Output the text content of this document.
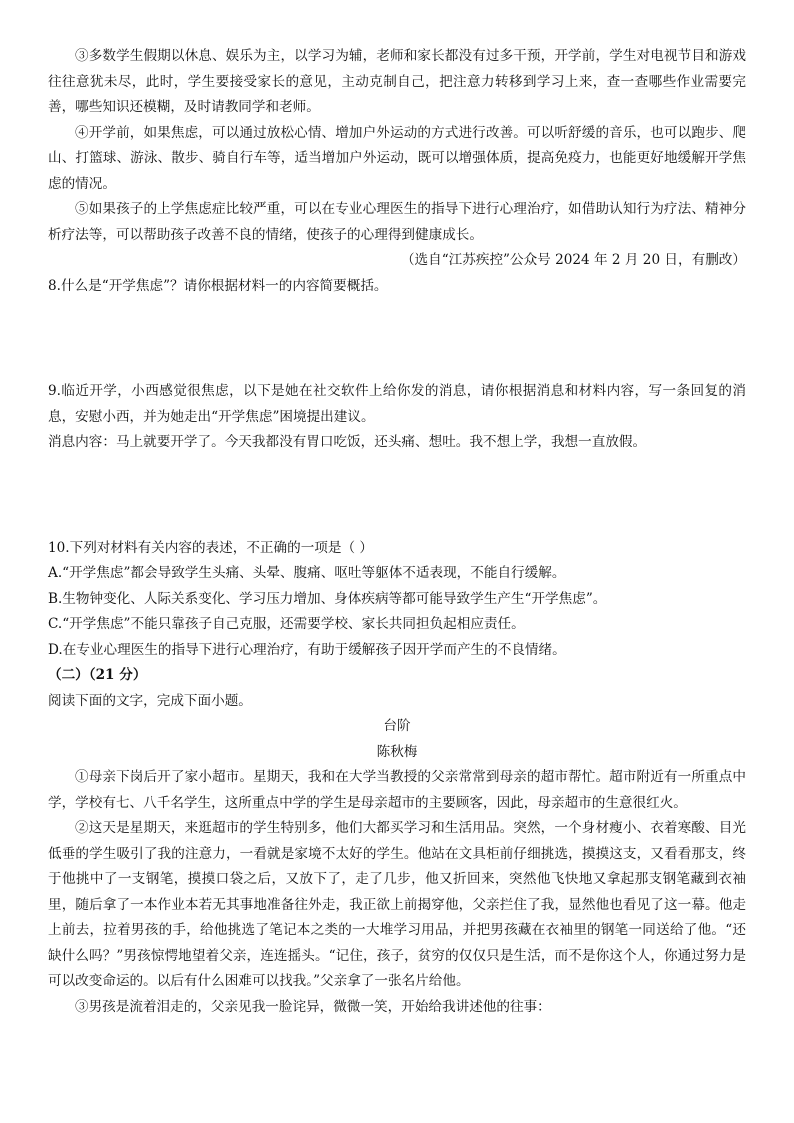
③多数学生假期以休息、娱乐为主，以学习为辅，老师和家长都没有过多干预，开学前，学生对电视节目和游戏往往意犹未尽，此时，学生要接受家长的意见，主动克制自己，把注意力转移到学习上来，查一查哪些作业需要完善，哪些知识还模糊，及时请教同学和老师。

④开学前，如果焦虑，可以通过放松心情、增加户外运动的方式进行改善。可以听舒缓的音乐，也可以跑步、爬山、打篮球、游泳、散步、骑自行车等，适当增加户外运动，既可以增强体质，提高免疫力，也能更好地缓解开学焦虑的情况。

⑤如果孩子的上学焦虑症比较严重，可以在专业心理医生的指导下进行心理治疗，如借助认知行为疗法、精神分析疗法等，可以帮助孩子改善不良的情绪，使孩子的心理得到健康成长。

（选自“江苏疾控”公众号 2024 年 2 月 20 日，有删改）

8.什么是“开学焦虑”？请你根据材料一的内容简要概括。

9.临近开学，小西感觉很焦虑，以下是她在社交软件上给你发的消息，请你根据消息和材料内容，写一条回复的消息，安慰小西，并为她走出“开学焦虑”困境提出建议。

消息内容：马上就要开学了。今天我都没有胃口吃饭，还头痛、想吐。我不想上学，我想一直放假。

10.下列对材料有关内容的表述，不正确的一项是（ ）

A.“开学焦虑”都会导致学生头痛、头晕、腹痛、呕吐等躯体不适表现，不能自行缓解。

B.生物钟变化、人际关系变化、学习压力增加、身体疾病等都可能导致学生产生“开学焦虑”。

C.“开学焦虑”不能只靠孩子自己克服，还需要学校、家长共同担负起相应责任。

D.在专业心理医生的指导下进行心理治疗，有助于缓解孩子因开学而产生的不良情绪。

（二）（21 分）

阅读下面的文字，完成下面小题。

台阶

陈秋梅

①母亲下岗后开了家小超市。星期天，我和在大学当教授的父亲常常到母亲的超市帮忙。超市附近有一所重点中学，学校有七、八千名学生，这所重点中学的学生是母亲超市的主要顾客，因此，母亲超市的生意很红火。

②这天是星期天，来逛超市的学生特别多，他们大都买学习和生活用品。突然，一个身材瘦小、衣着寒酸、目光低垂的学生吸引了我的注意力，一看就是家境不太好的学生。他站在文具柜前仔细挑选，摸摸这支，又看看那支，终于他挑中了一支钢笔，摸摸口袋之后，又放下了，走了几步，他又折回来，突然他飞快地又拿起那支钢笔藏到衣袖里，随后拿了一本作业本若无其事地准备往外走，我正欲上前揭穿他，父亲拦住了我，显然他也看见了这一幕。他走上前去，拉着男孩的手，给他挑选了笔记本之类的一大堆学习用品，并把男孩藏在衣袖里的钢笔一同送给了他。“还缺什么吗？”男孩惊愕地望着父亲，连连摇头。“记住，孩子，贫穷的仅仅只是生活，而不是你这个人，你通过努力是可以改变命运的。以后有什么困难可以找我。”父亲拿了一张名片给他。

③男孩是流着泪走的，父亲见我一脸诧异，微微一笑，开始给我讲述他的往事：
